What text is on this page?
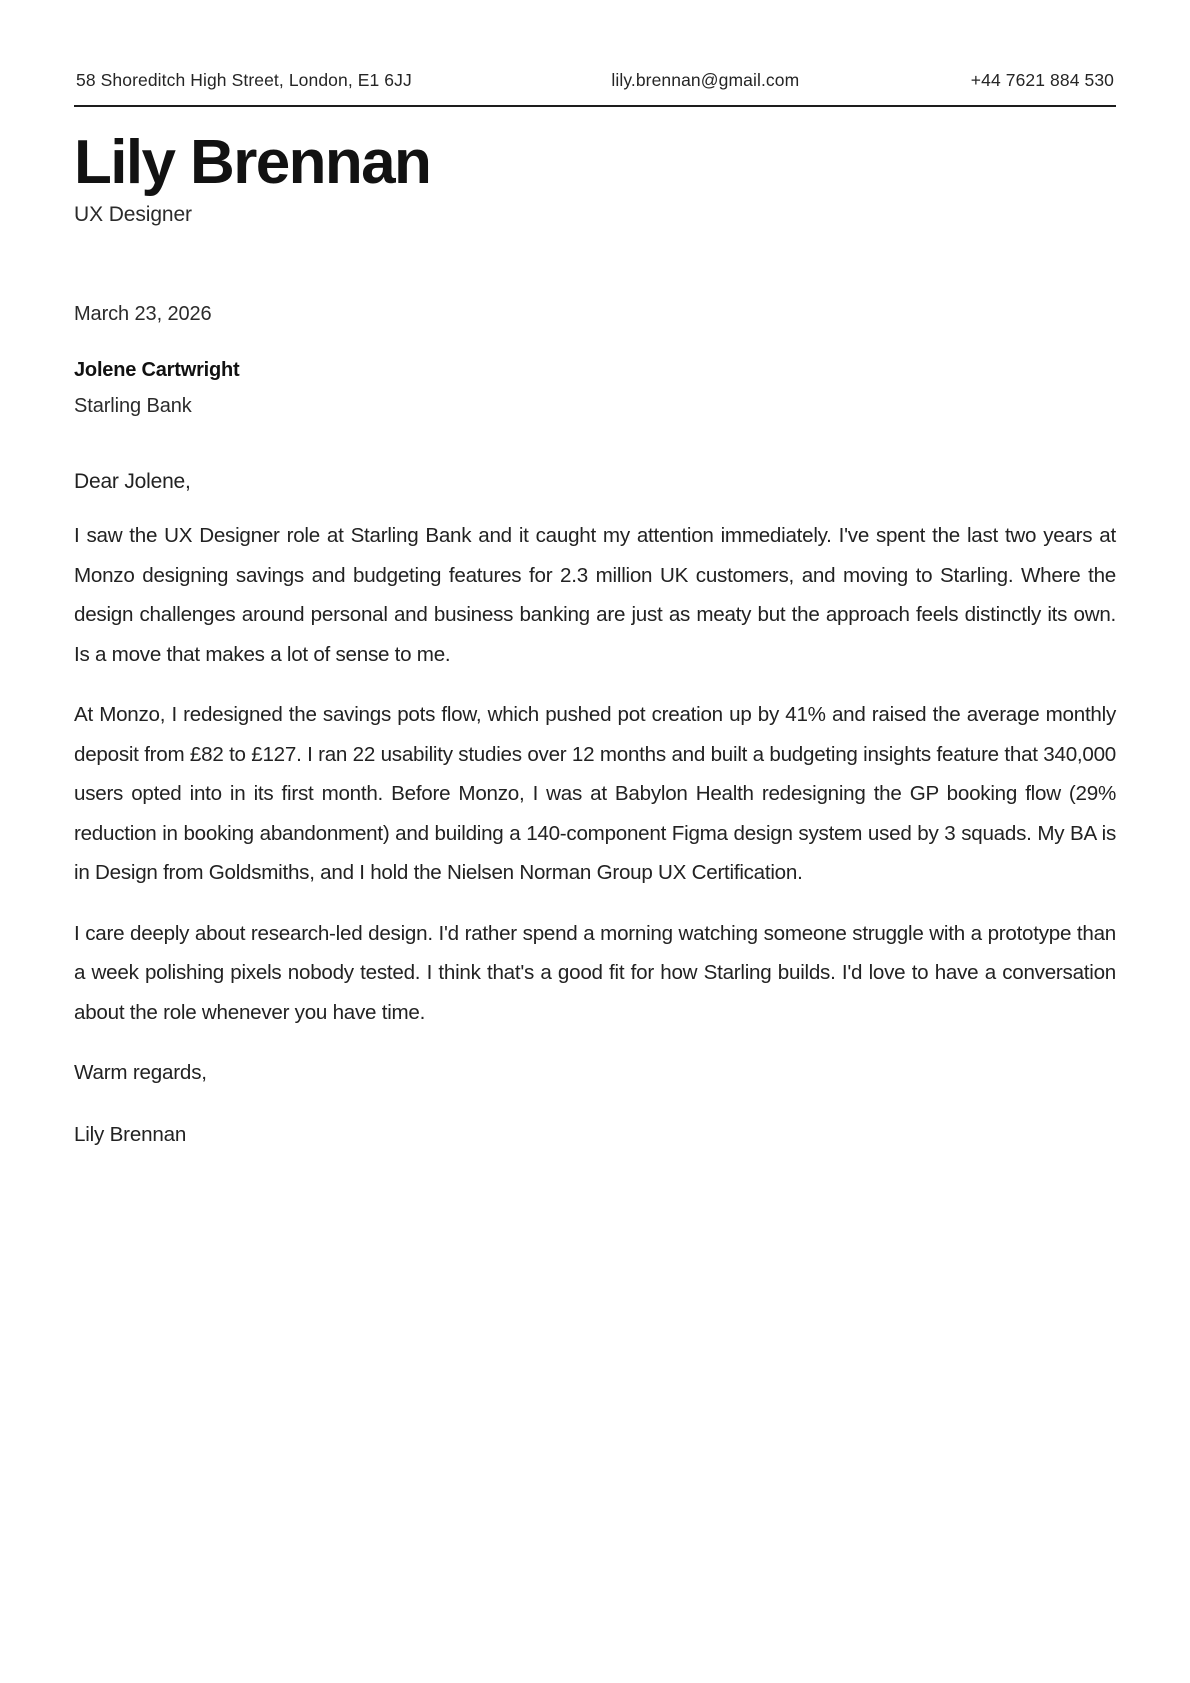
58 Shoreditch High Street, London, E1 6JJ	lily.brennan@gmail.com	+44 7621 884 530
Lily Brennan
UX Designer
March 23, 2026
Jolene Cartwright
Starling Bank

Dear Jolene,

I saw the UX Designer role at Starling Bank and it caught my attention immediately. I've spent the last two years at Monzo designing savings and budgeting features for 2.3 million UK customers, and moving to Starling. Where the design challenges around personal and business banking are just as meaty but the approach feels distinctly its own. Is a move that makes a lot of sense to me.

At Monzo, I redesigned the savings pots flow, which pushed pot creation up by 41% and raised the average monthly deposit from £82 to £127. I ran 22 usability studies over 12 months and built a budgeting insights feature that 340,000 users opted into in its first month. Before Monzo, I was at Babylon Health redesigning the GP booking flow (29% reduction in booking abandonment) and building a 140-component Figma design system used by 3 squads. My BA is in Design from Goldsmiths, and I hold the Nielsen Norman Group UX Certification.

I care deeply about research-led design. I'd rather spend a morning watching someone struggle with a prototype than a week polishing pixels nobody tested. I think that's a good fit for how Starling builds. I'd love to have a conversation about the role whenever you have time.

Warm regards,

Lily Brennan
